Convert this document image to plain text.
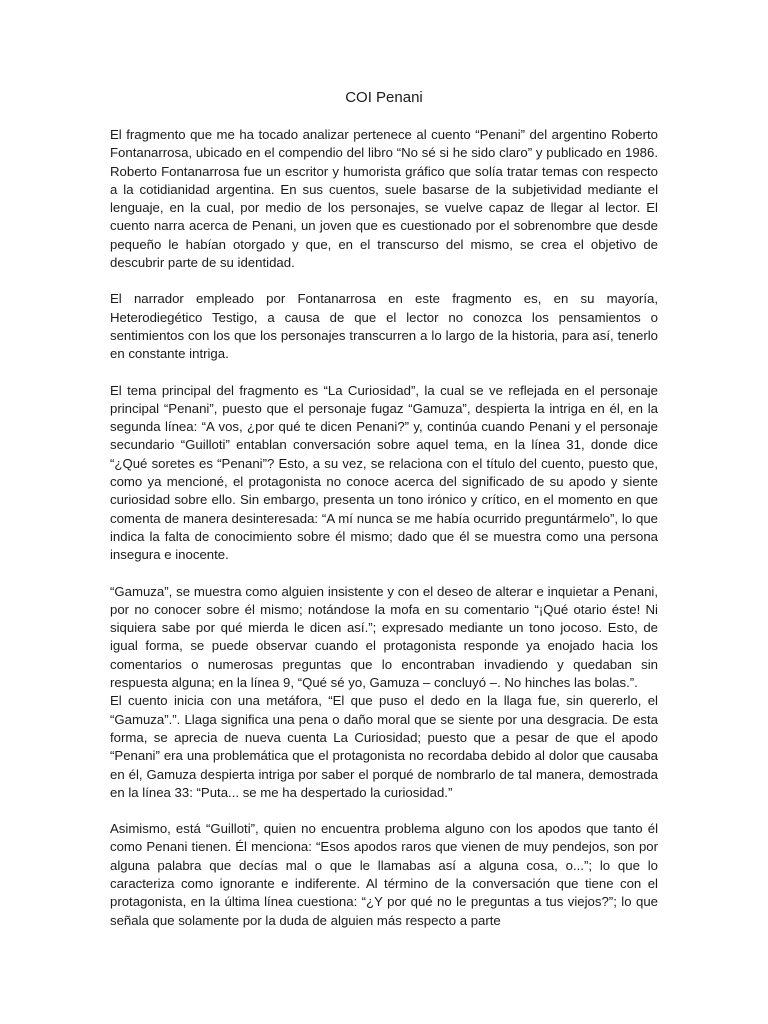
COI Penani

El fragmento que me ha tocado analizar pertenece al cuento “Penani” del argentino Roberto Fontanarrosa, ubicado en el compendio del libro “No sé si he sido claro” y publicado en 1986. Roberto Fontanarrosa fue un escritor y humorista gráfico que solía tratar temas con respecto a la cotidianidad argentina. En sus cuentos, suele basarse de la subjetividad mediante el lenguaje, en la cual, por medio de los personajes, se vuelve capaz de llegar al lector. El cuento narra acerca de Penani, un joven que es cuestionado por el sobrenombre que desde pequeño le habían otorgado y que, en el transcurso del mismo, se crea el objetivo de descubrir parte de su identidad.

El narrador empleado por Fontanarrosa en este fragmento es, en su mayoría, Heterodiegético Testigo, a causa de que el lector no conozca los pensamientos o sentimientos con los que los personajes transcurren a lo largo de la historia, para así, tenerlo en constante intriga.

El tema principal del fragmento es “La Curiosidad”, la cual se ve reflejada en el personaje principal “Penani”, puesto que el personaje fugaz “Gamuza”, despierta la intriga en él, en la segunda línea: “A vos, ¿por qué te dicen Penani?” y, continúa cuando Penani y el personaje secundario “Guilloti” entablan conversación sobre aquel tema, en la línea 31, donde dice “¿Qué soretes es “Penani”? Esto, a su vez, se relaciona con el título del cuento, puesto que, como ya mencioné, el protagonista no conoce acerca del significado de su apodo y siente curiosidad sobre ello. Sin embargo, presenta un tono irónico y crítico, en el momento en que comenta de manera desinteresada: “A mí nunca se me había ocurrido preguntármelo”, lo que indica la falta de conocimiento sobre él mismo; dado que él se muestra como una persona insegura e inocente.

“Gamuza”, se muestra como alguien insistente y con el deseo de alterar e inquietar a Penani, por no conocer sobre él mismo; notándose la mofa en su comentario “¡Qué otario éste! Ni siquiera sabe por qué mierda le dicen así.”; expresado mediante un tono jocoso. Esto, de igual forma, se puede observar cuando el protagonista responde ya enojado hacia los comentarios o numerosas preguntas que lo encontraban invadiendo y quedaban sin respuesta alguna; en la línea 9, “Qué sé yo, Gamuza – concluyó –. No hinches las bolas.”.

El cuento inicia con una metáfora, “El que puso el dedo en la llaga fue, sin quererlo, el “Gamuza”.”. Llaga significa una pena o daño moral que se siente por una desgracia. De esta forma, se aprecia de nueva cuenta La Curiosidad; puesto que a pesar de que el apodo “Penani” era una problemática que el protagonista no recordaba debido al dolor que causaba en él, Gamuza despierta intriga por saber el porqué de nombrarlo de tal manera, demostrada en la línea 33: “Puta... se me ha despertado la curiosidad.”

Asimismo, está “Guilloti”, quien no encuentra problema alguno con los apodos que tanto él como Penani tienen. Él menciona: “Esos apodos raros que vienen de muy pendejos, son por alguna palabra que decías mal o que le llamabas así a alguna cosa, o...”; lo que lo caracteriza como ignorante e indiferente. Al término de la conversación que tiene con el protagonista, en la última línea cuestiona: “¿Y por qué no le preguntas a tus viejos?”; lo que señala que solamente por la duda de alguien más respecto a parte
